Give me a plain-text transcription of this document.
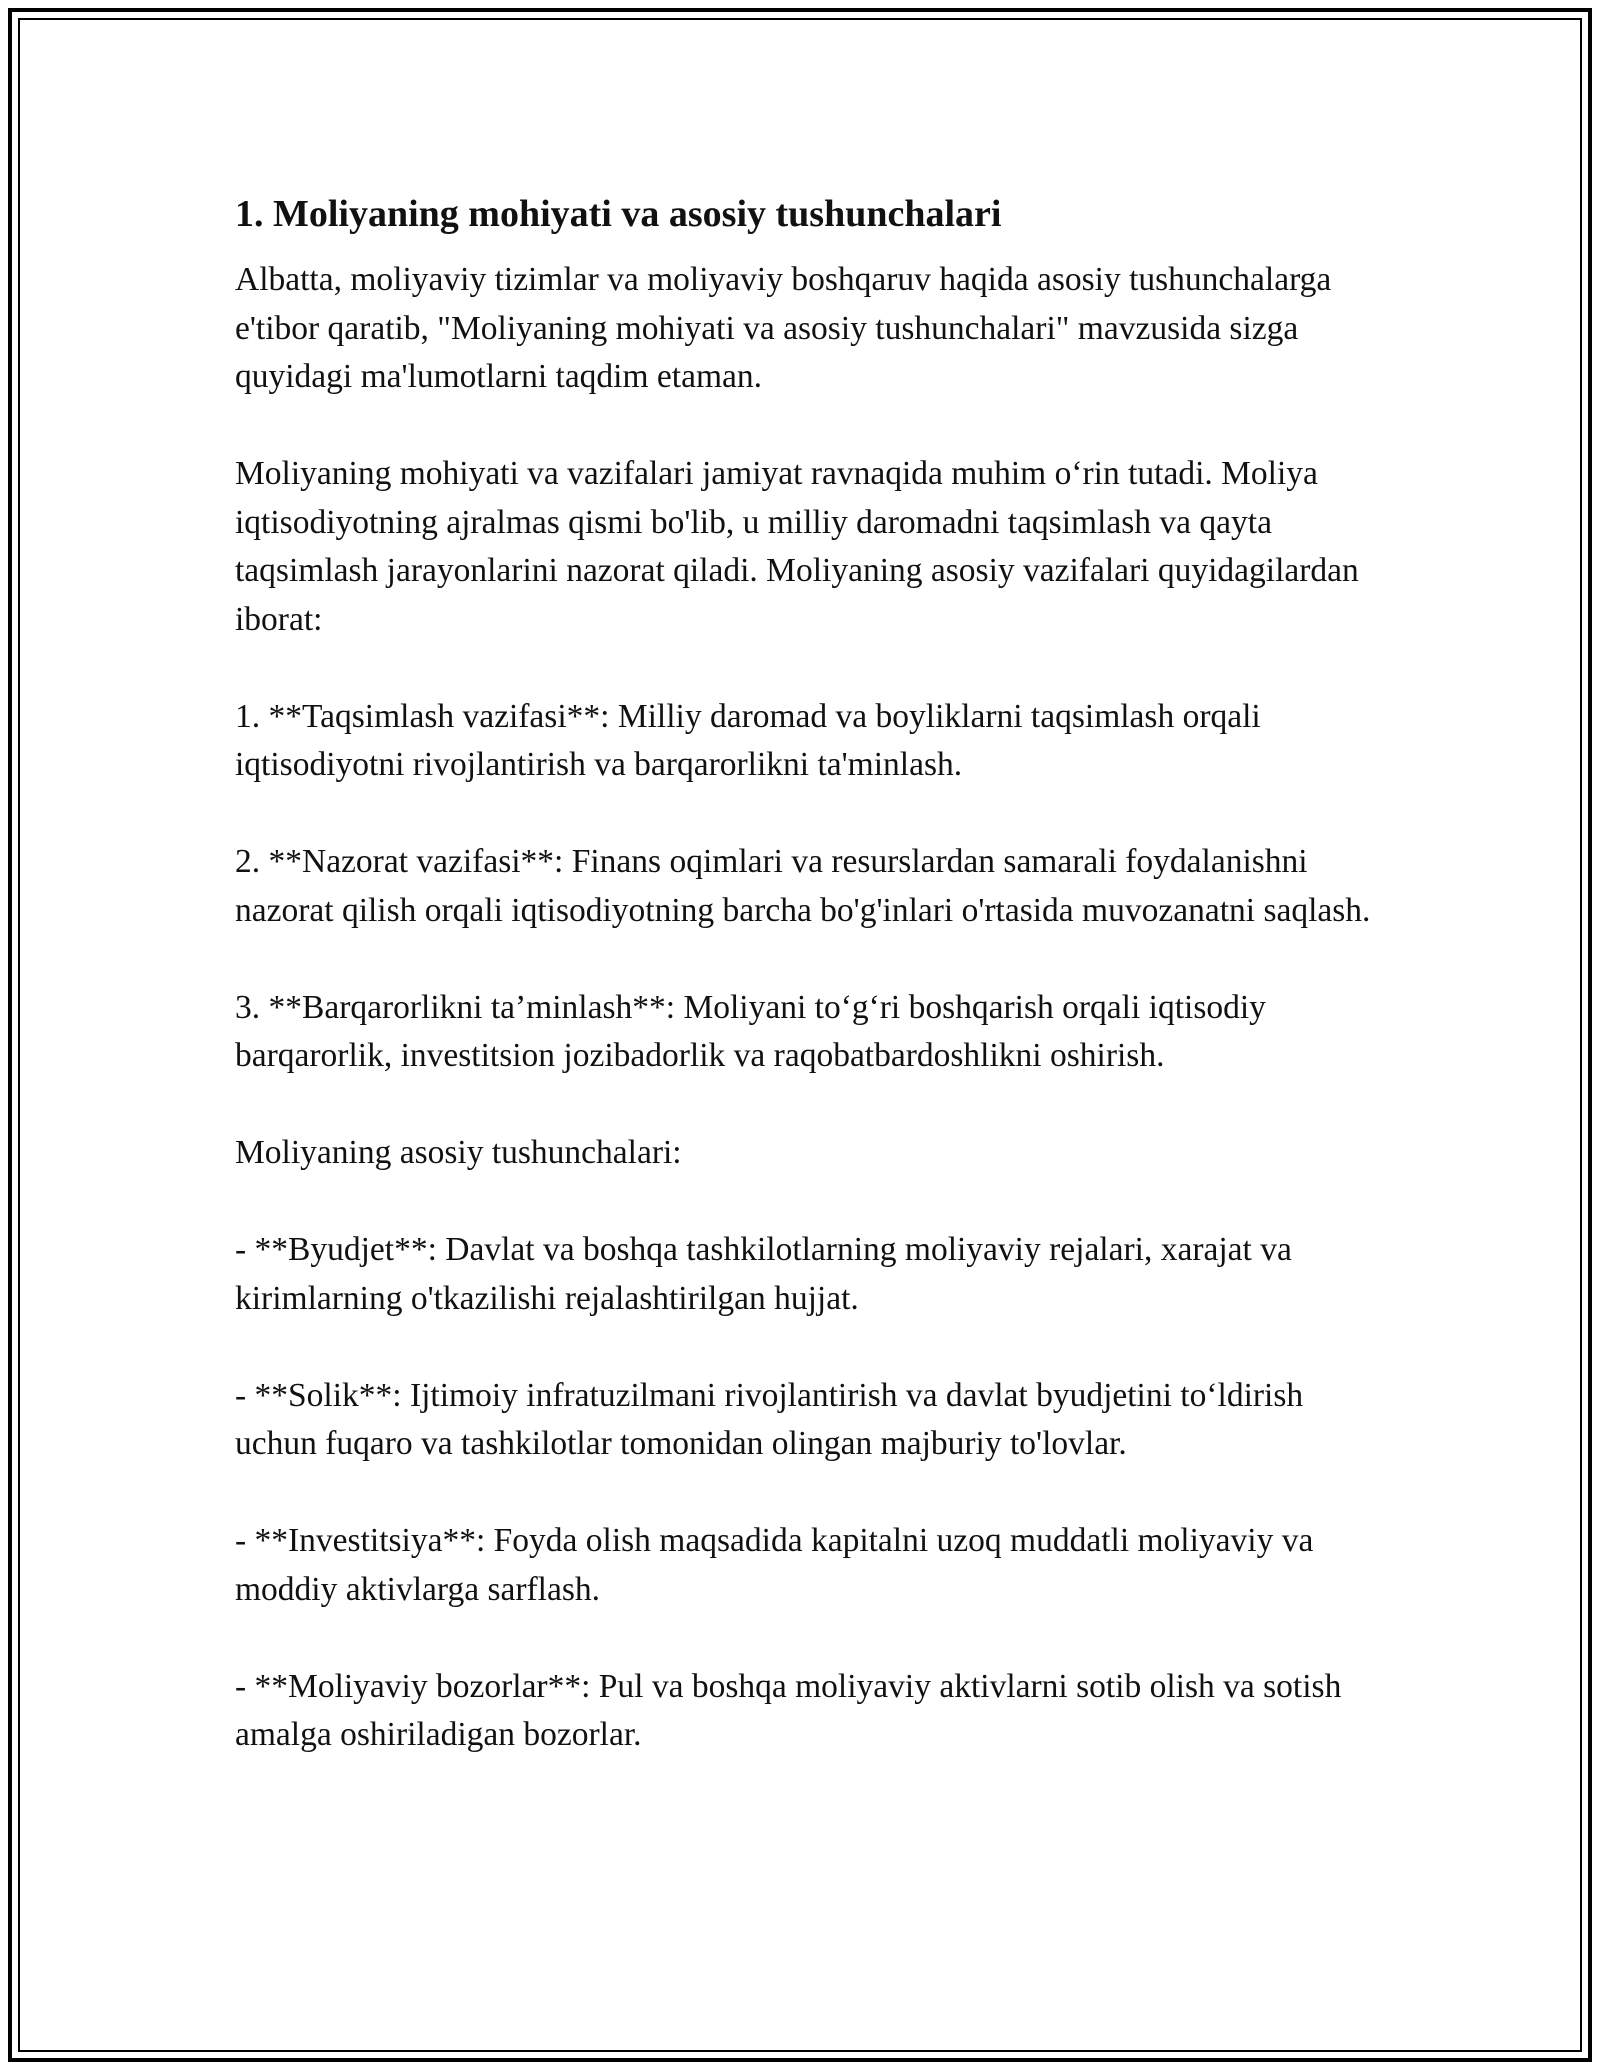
1. Moliyaning mohiyati va asosiy tushunchalari

Albatta, moliyaviy tizimlar va moliyaviy boshqaruv haqida asosiy tushunchalarga e'tibor qaratib, "Moliyaning mohiyati va asosiy tushunchalari" mavzusida sizga quyidagi ma'lumotlarni taqdim etaman.

Moliyaning mohiyati va vazifalari jamiyat ravnaqida muhim o‘rin tutadi. Moliya iqtisodiyotning ajralmas qismi bo'lib, u milliy daromadni taqsimlash va qayta taqsimlash jarayonlarini nazorat qiladi. Moliyaning asosiy vazifalari quyidagilardan iborat:

1. **Taqsimlash vazifasi**: Milliy daromad va boyliklarni taqsimlash orqali iqtisodiyotni rivojlantirish va barqarorlikni ta'minlash.

2. **Nazorat vazifasi**: Finans oqimlari va resurslardan samarali foydalanishni nazorat qilish orqali iqtisodiyotning barcha bo'g'inlari o'rtasida muvozanatni saqlash.

3. **Barqarorlikni ta’minlash**: Moliyani to‘g‘ri boshqarish orqali iqtisodiy barqarorlik, investitsion jozibadorlik va raqobatbardoshlikni oshirish.

Moliyaning asosiy tushunchalari:

- **Byudjet**: Davlat va boshqa tashkilotlarning moliyaviy rejalari, xarajat va kirimlarning o'tkazilishi rejalashtirilgan hujjat.

- **Solik**: Ijtimoiy infratuzilmani rivojlantirish va davlat byudjetini to‘ldirish uchun fuqaro va tashkilotlar tomonidan olingan majburiy to'lovlar.

- **Investitsiya**: Foyda olish maqsadida kapitalni uzoq muddatli moliyaviy va moddiy aktivlarga sarflash.

- **Moliyaviy bozorlar**: Pul va boshqa moliyaviy aktivlarni sotib olish va sotish amalga oshiriladigan bozorlar.
